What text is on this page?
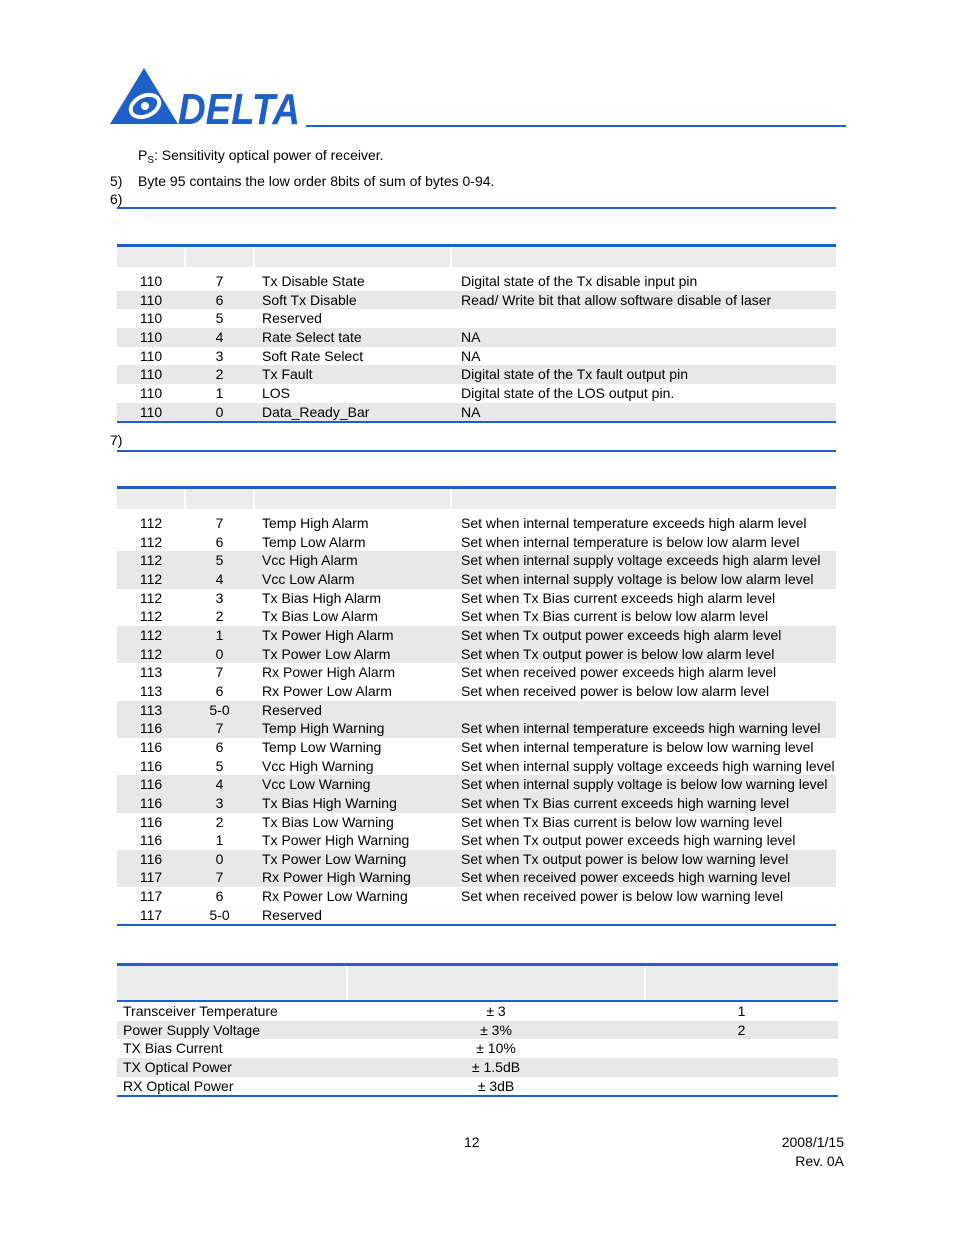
DELTA
$P_S$: Sensitivity optical power of receiver.
5) Byte 95 contains the low order 8bits of sum of bytes 0-94.
6)

110	7	Tx Disable State	Digital state of the Tx disable input pin
110	6	Soft Tx Disable	Read/ Write bit that allow software disable of laser
110	5	Reserved	
110	4	Rate Select tate	NA
110	3	Soft Rate Select	NA
110	2	Tx Fault	Digital state of the Tx fault output pin
110	1	LOS	Digital state of the LOS output pin.
110	0	Data_Ready_Bar	NA
7)

112	7	Temp High Alarm	Set when internal temperature exceeds high alarm level
112	6	Temp Low Alarm	Set when internal temperature is below low alarm level
112	5	Vcc High Alarm	Set when internal supply voltage exceeds high alarm level
112	4	Vcc Low Alarm	Set when internal supply voltage is below low alarm level
112	3	Tx Bias High Alarm	Set when Tx Bias current exceeds high alarm level
112	2	Tx Bias Low Alarm	Set when Tx Bias current is below low alarm level
112	1	Tx Power High Alarm	Set when Tx output power exceeds high alarm level
112	0	Tx Power Low Alarm	Set when Tx output power is below low alarm level
113	7	Rx Power High Alarm	Set when received power exceeds high alarm level
113	6	Rx Power Low Alarm	Set when received power is below low alarm level
113	5-0	Reserved	
116	7	Temp High Warning	Set when internal temperature exceeds high warning level
116	6	Temp Low Warning	Set when internal temperature is below low warning level
116	5	Vcc High Warning	Set when internal supply voltage exceeds high warning level
116	4	Vcc Low Warning	Set when internal supply voltage is below low warning level
116	3	Tx Bias High Warning	Set when Tx Bias current exceeds high warning level
116	2	Tx Bias Low Warning	Set when Tx Bias current is below low warning level
116	1	Tx Power High Warning	Set when Tx output power exceeds high warning level
116	0	Tx Power Low Warning	Set when Tx output power is below low warning level
117	7	Rx Power High Warning	Set when received power exceeds high warning level
117	6	Rx Power Low Warning	Set when received power is below low warning level
117	5-0	Reserved	

Transceiver Temperature	± 3	1
Power Supply Voltage	± 3%	2
TX Bias Current	± 10%	
TX Optical Power	± 1.5dB	
RX Optical Power	± 3dB	
12	2008/1/15
Rev. 0A
